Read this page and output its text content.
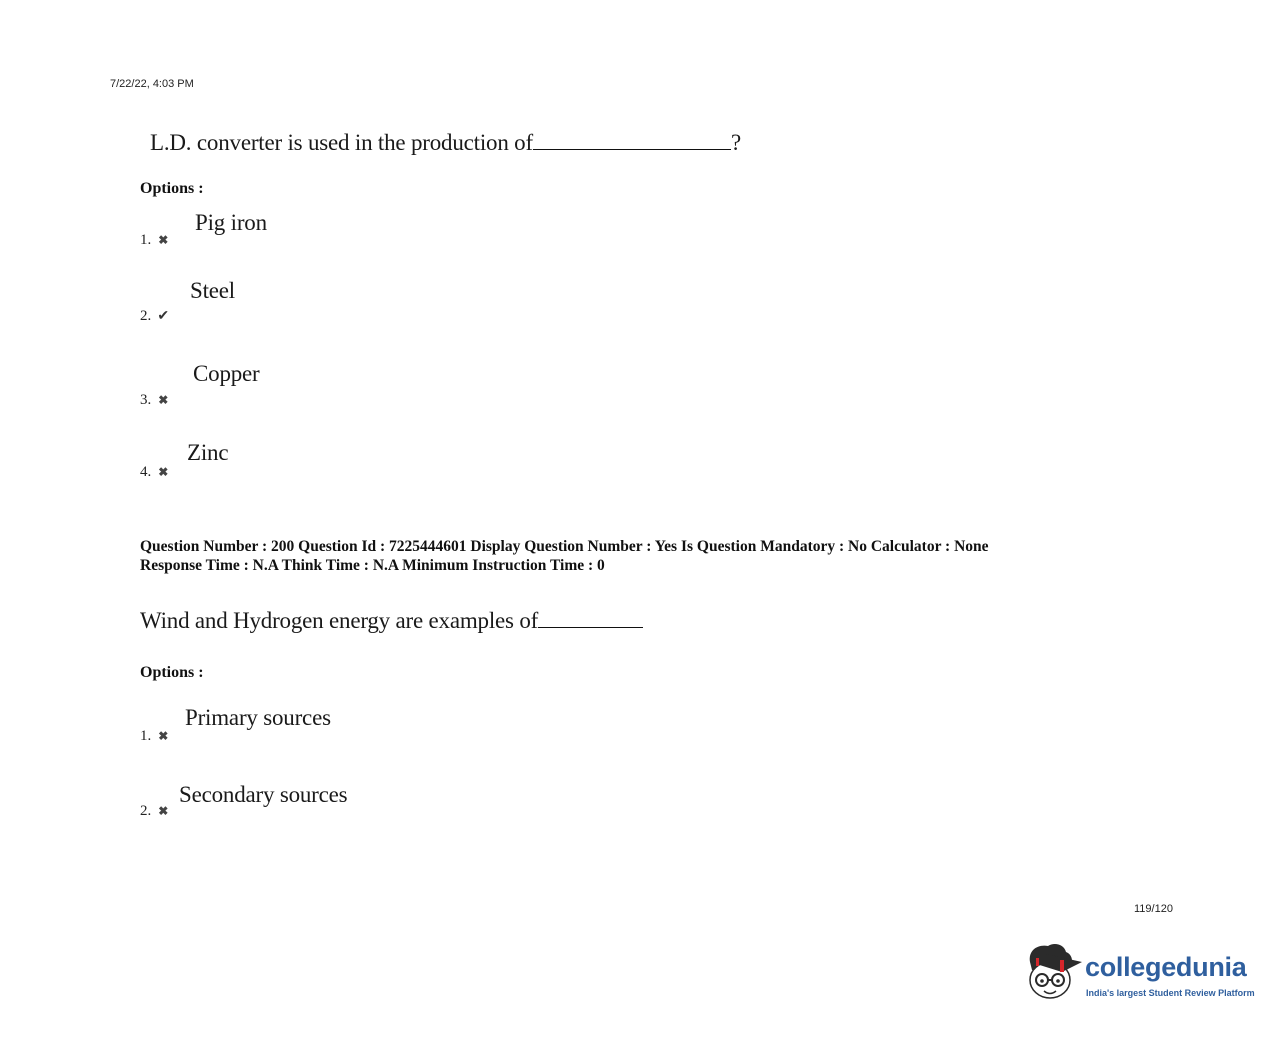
7/22/22, 4:03 PM
L.D. converter is used in the production of	?
Options :
Pig iron
1. ✖
Steel
2. ✔
Copper
3. ✖
Zinc
4. ✖
Question Number : 200 Question Id : 7225444601 Display Question Number : Yes Is Question Mandatory : No Calculator : None
Response Time : N.A Think Time : N.A Minimum Instruction Time : 0
Wind and Hydrogen energy are examples of
Options :
Primary sources
1. ✖
Secondary sources
2. ✖
119/120
collegedunia
India's largest Student Review Platform
